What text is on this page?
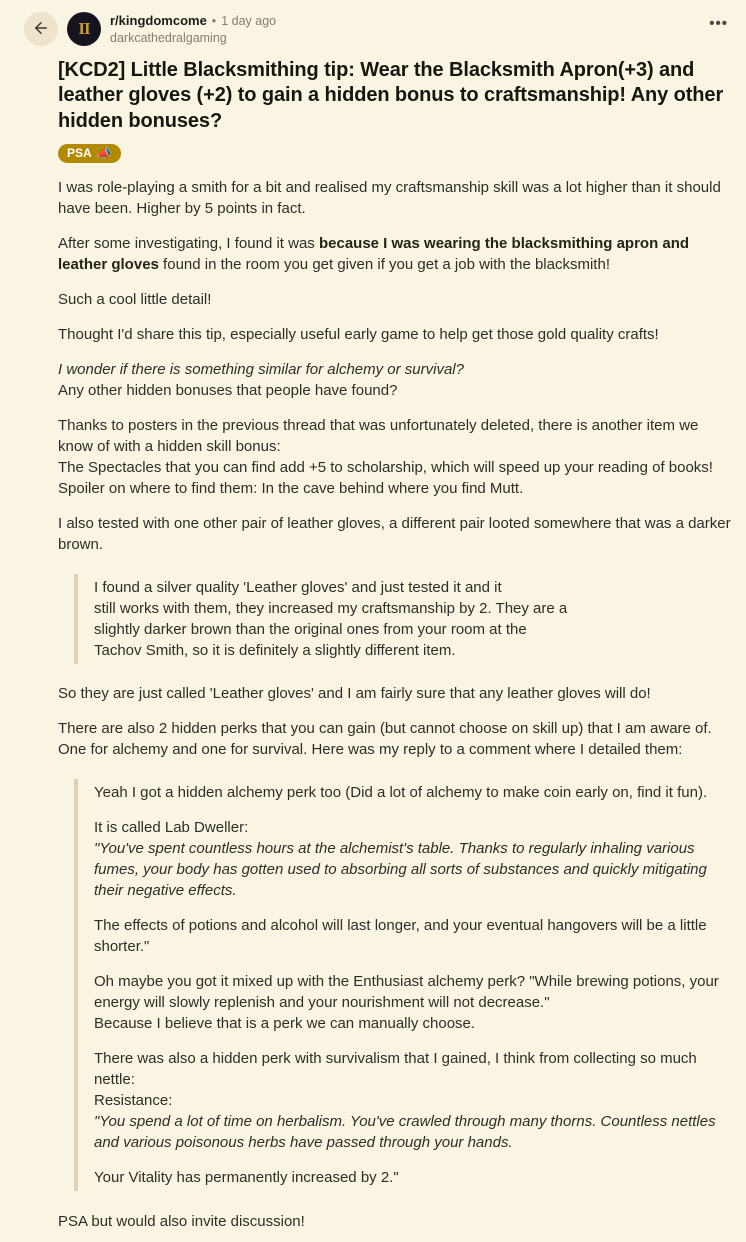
II r/kingdomcome • 1 day ago
darkcathedralgaming
•••
[KCD2] Little Blacksmithing tip: Wear the Blacksmith Apron(+3) and leather gloves (+2) to gain a hidden bonus to craftsmanship! Any other hidden bonuses?
PSA 📣

I was role-playing a smith for a bit and realised my craftsmanship skill was a lot higher than it should have been. Higher by 5 points in fact.

After some investigating, I found it was because I was wearing the blacksmithing apron and leather gloves found in the room you get given if you get a job with the blacksmith!

Such a cool little detail!

Thought I'd share this tip, especially useful early game to help get those gold quality crafts!

I wonder if there is something similar for alchemy or survival?
Any other hidden bonuses that people have found?

Thanks to posters in the previous thread that was unfortunately deleted, there is another item we know of with a hidden skill bonus:
The Spectacles that you can find add +5 to scholarship, which will speed up your reading of books!
Spoiler on where to find them: In the cave behind where you find Mutt.

I also tested with one other pair of leather gloves, a different pair looted somewhere that was a darker brown.

I found a silver quality 'Leather gloves' and just tested it and it
still works with them, they increased my craftsmanship by 2. They are a
slightly darker brown than the original ones from your room at the
Tachov Smith, so it is definitely a slightly different item.

So they are just called 'Leather gloves' and I am fairly sure that any leather gloves will do!

There are also 2 hidden perks that you can gain (but cannot choose on skill up) that I am aware of.
One for alchemy and one for survival. Here was my reply to a comment where I detailed them:

Yeah I got a hidden alchemy perk too (Did a lot of alchemy to make coin early on, find it fun).

It is called Lab Dweller:
"You've spent countless hours at the alchemist's table. Thanks to regularly inhaling various fumes, your body has gotten used to absorbing all sorts of substances and quickly mitigating their negative effects.

The effects of potions and alcohol will last longer, and your eventual hangovers will be a little shorter."

Oh maybe you got it mixed up with the Enthusiast alchemy perk? "While brewing potions, your energy will slowly replenish and your nourishment will not decrease."
Because I believe that is a perk we can manually choose.

There was also a hidden perk with survivalism that I gained, I think from collecting so much nettle:
Resistance:
"You spend a lot of time on herbalism. You've crawled through many thorns. Countless nettles and various poisonous herbs have passed through your hands.

Your Vitality has permanently increased by 2."

PSA but would also invite discussion!
